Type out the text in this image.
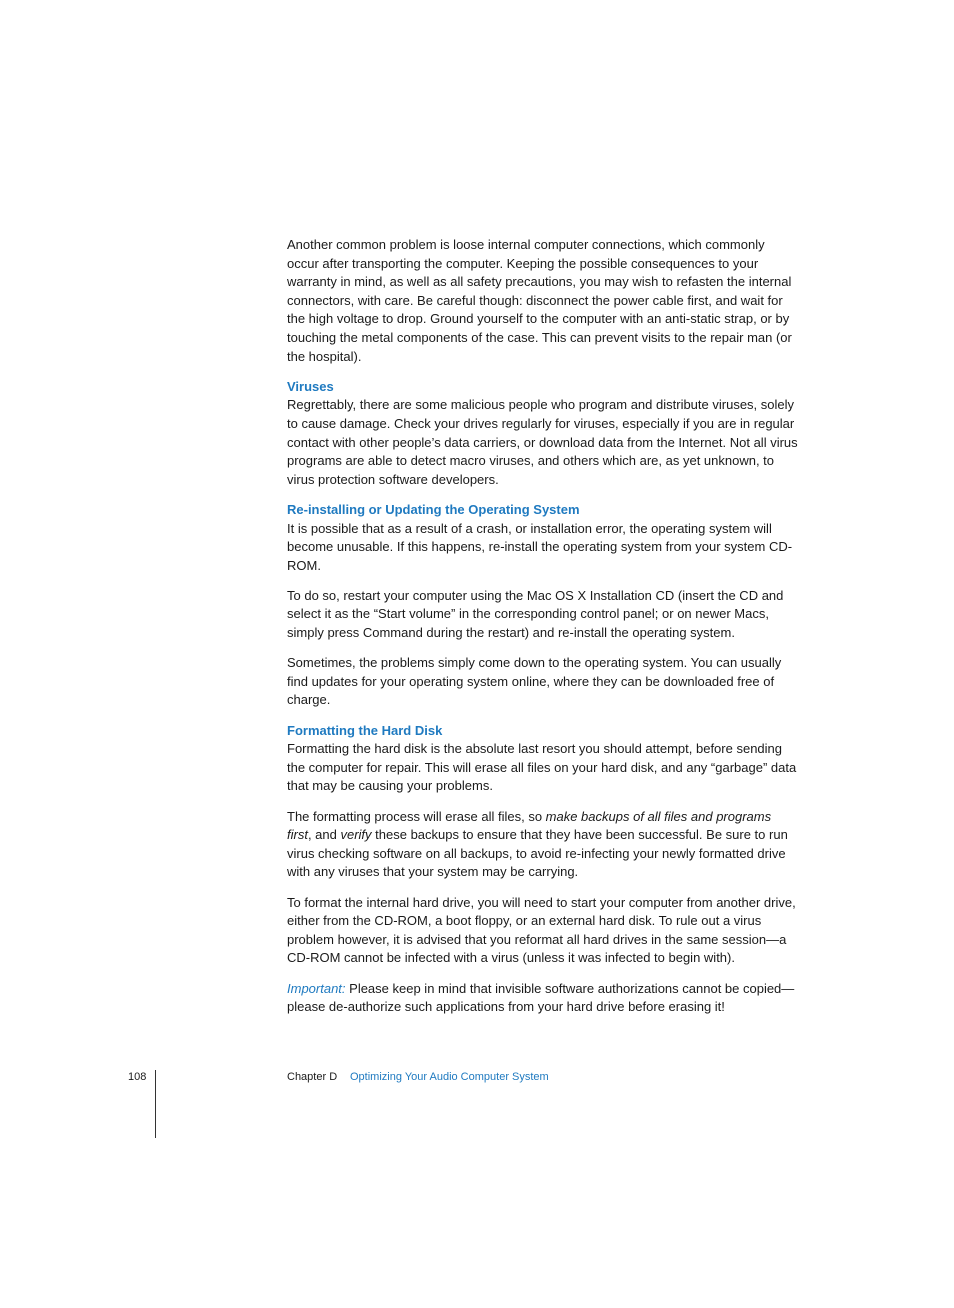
Another common problem is loose internal computer connections, which commonly occur after transporting the computer. Keeping the possible consequences to your warranty in mind, as well as all safety precautions, you may wish to refasten the internal connectors, with care. Be careful though: disconnect the power cable first, and wait for the high voltage to drop. Ground yourself to the computer with an anti-static strap, or by touching the metal components of the case. This can prevent visits to the repair man (or the hospital).

Viruses

Regrettably, there are some malicious people who program and distribute viruses, solely to cause damage. Check your drives regularly for viruses, especially if you are in regular contact with other people’s data carriers, or download data from the Internet. Not all virus programs are able to detect macro viruses, and others which are, as yet unknown, to virus protection software developers.

Re-installing or Updating the Operating System

It is possible that as a result of a crash, or installation error, the operating system will become unusable. If this happens, re-install the operating system from your system CD-ROM.

To do so, restart your computer using the Mac OS X Installation CD (insert the CD and select it as the “Start volume” in the corresponding control panel; or on newer Macs, simply press Command during the restart) and re-install the operating system.

Sometimes, the problems simply come down to the operating system. You can usually find updates for your operating system online, where they can be downloaded free of charge.

Formatting the Hard Disk

Formatting the hard disk is the absolute last resort you should attempt, before sending the computer for repair. This will erase all files on your hard disk, and any “garbage” data that may be causing your problems.

The formatting process will erase all files, so make backups of all files and programs first, and verify these backups to ensure that they have been successful. Be sure to run virus checking software on all backups, to avoid re-infecting your newly formatted drive with any viruses that your system may be carrying.

To format the internal hard drive, you will need to start your computer from another drive, either from the CD-ROM, a boot floppy, or an external hard disk. To rule out a virus problem however, it is advised that you reformat all hard drives in the same session—a CD-ROM cannot be infected with a virus (unless it was infected to begin with).

Important: Please keep in mind that invisible software authorizations cannot be copied—please de-authorize such applications from your hard drive before erasing it!

108	Chapter D Optimizing Your Audio Computer System
